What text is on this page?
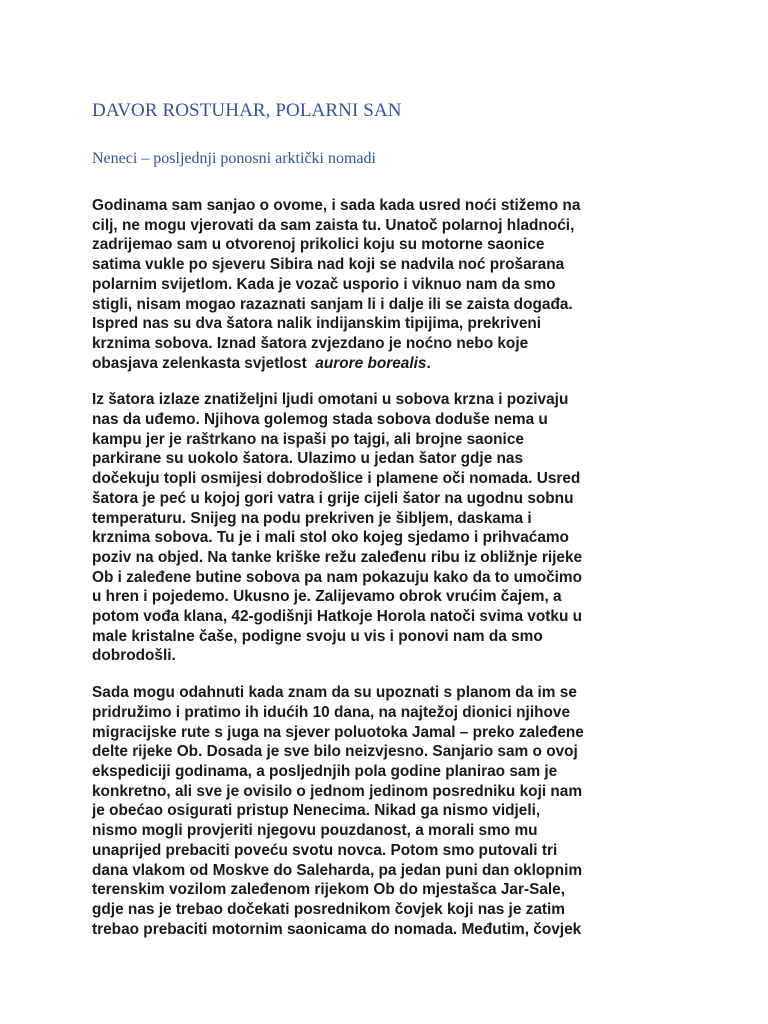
DAVOR ROSTUHAR, POLARNI SAN
Neneci – posljednji ponosni arktički nomadi

Godinama sam sanjao o ovome, i sada kada usred noći stižemo na
cilj, ne mogu vjerovati da sam zaista tu. Unatoč polarnoj hladnoći,
zadrijemao sam u otvorenoj prikolici koju su motorne saonice
satima vukle po sjeveru Sibira nad koji se nadvila noć prošarana
polarnim svijetlom. Kada je vozač usporio i viknuo nam da smo
stigli, nisam mogao razaznati sanjam li i dalje ili se zaista događa.
Ispred nas su dva šatora nalik indijanskim tipijima, prekriveni
krznima sobova. Iznad šatora zvjezdano je noćno nebo koje
obasjava zelenkasta svjetlost  aurore borealis.

Iz šatora izlaze znatiželjni ljudi omotani u sobova krzna i pozivaju
nas da uđemo. Njihova golemog stada sobova doduše nema u
kampu jer je raštrkano na ispaši po tajgi, ali brojne saonice
parkirane su uokolo šatora. Ulazimo u jedan šator gdje nas
dočekuju topli osmijesi dobrodošlice i plamene oči nomada. Usred
šatora je peć u kojoj gori vatra i grije cijeli šator na ugodnu sobnu
temperaturu. Snijeg na podu prekriven je šibljem, daskama i
krznima sobova. Tu je i mali stol oko kojeg sjedamo i prihvaćamo
poziv na objed. Na tanke kriške režu zaleđenu ribu iz obližnje rijeke
Ob i zaleđene butine sobova pa nam pokazuju kako da to umočimo
u hren i pojedemo. Ukusno je. Zalijevamo obrok vrućim čajem, a
potom vođa klana, 42-godišnji Hatkoje Horola natoči svima votku u
male kristalne čaše, podigne svoju u vis i ponovi nam da smo
dobrodošli.

Sada mogu odahnuti kada znam da su upoznati s planom da im se
pridružimo i pratimo ih idućih 10 dana, na najtežoj dionici njihove
migracijske rute s juga na sjever poluotoka Jamal – preko zaleđene
delte rijeke Ob. Dosada je sve bilo neizvjesno. Sanjario sam o ovoj
ekspediciji godinama, a posljednjih pola godine planirao sam je
konkretno, ali sve je ovisilo o jednom jedinom posredniku koji nam
je obećao osigurati pristup Nenecima. Nikad ga nismo vidjeli,
nismo mogli provjeriti njegovu pouzdanost, a morali smo mu
unaprijed prebaciti poveću svotu novca. Potom smo putovali tri
dana vlakom od Moskve do Saleharda, pa jedan puni dan oklopnim
terenskim vozilom zaleđenom rijekom Ob do mjestašca Jar-Sale,
gdje nas je trebao dočekati posrednikom čovjek koji nas je zatim
trebao prebaciti motornim saonicama do nomada. Međutim, čovjek
